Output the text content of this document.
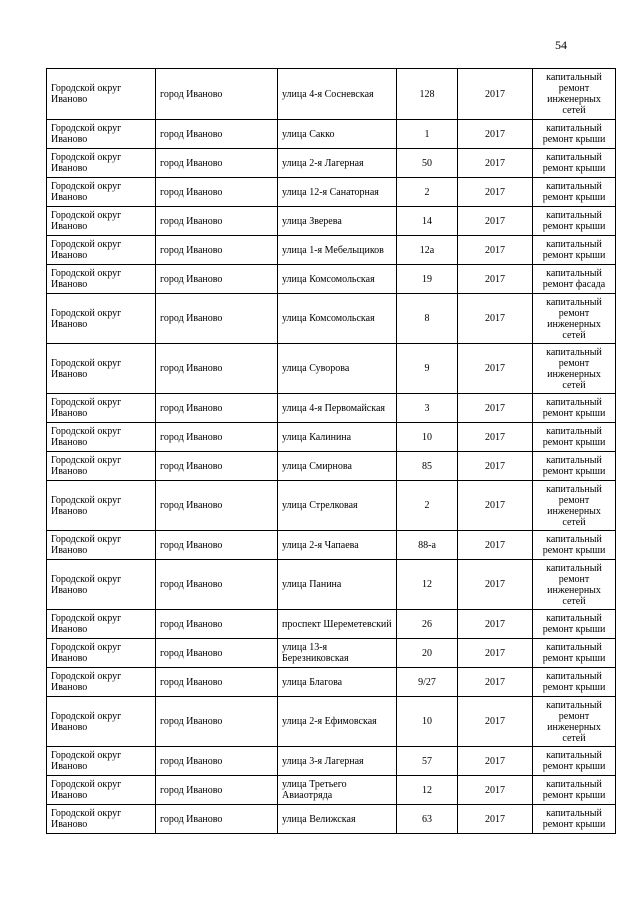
54
Городской округ Иваново	город Иваново	улица 4-я Сосневская	128	2017	капитальный ремонт инженерных сетей
Городской округ Иваново	город Иваново	улица Сакко	1	2017	капитальный ремонт крыши
Городской округ Иваново	город Иваново	улица 2-я Лагерная	50	2017	капитальный ремонт крыши
Городской округ Иваново	город Иваново	улица 12-я Санаторная	2	2017	капитальный ремонт крыши
Городской округ Иваново	город Иваново	улица Зверева	14	2017	капитальный ремонт крыши
Городской округ Иваново	город Иваново	улица 1-я Мебельщиков	12а	2017	капитальный ремонт крыши
Городской округ Иваново	город Иваново	улица Комсомольская	19	2017	капитальный ремонт фасада
Городской округ Иваново	город Иваново	улица Комсомольская	8	2017	капитальный ремонт инженерных сетей
Городской округ Иваново	город Иваново	улица Суворова	9	2017	капитальный ремонт инженерных сетей
Городской округ Иваново	город Иваново	улица 4-я Первомайская	3	2017	капитальный ремонт крыши
Городской округ Иваново	город Иваново	улица Калинина	10	2017	капитальный ремонт крыши
Городской округ Иваново	город Иваново	улица Смирнова	85	2017	капитальный ремонт крыши
Городской округ Иваново	город Иваново	улица Стрелковая	2	2017	капитальный ремонт инженерных сетей
Городской округ Иваново	город Иваново	улица 2-я Чапаева	88-а	2017	капитальный ремонт крыши
Городской округ Иваново	город Иваново	улица Панина	12	2017	капитальный ремонт инженерных сетей
Городской округ Иваново	город Иваново	проспект Шереметевский	26	2017	капитальный ремонт крыши
Городской округ Иваново	город Иваново	улица 13-я Березниковская	20	2017	капитальный ремонт крыши
Городской округ Иваново	город Иваново	улица Благова	9/27	2017	капитальный ремонт крыши
Городской округ Иваново	город Иваново	улица 2-я Ефимовская	10	2017	капитальный ремонт инженерных сетей
Городской округ Иваново	город Иваново	улица 3-я Лагерная	57	2017	капитальный ремонт крыши
Городской округ Иваново	город Иваново	улица Третьего Авиаотряда	12	2017	капитальный ремонт крыши
Городской округ Иваново	город Иваново	улица Велижская	63	2017	капитальный ремонт крыши
